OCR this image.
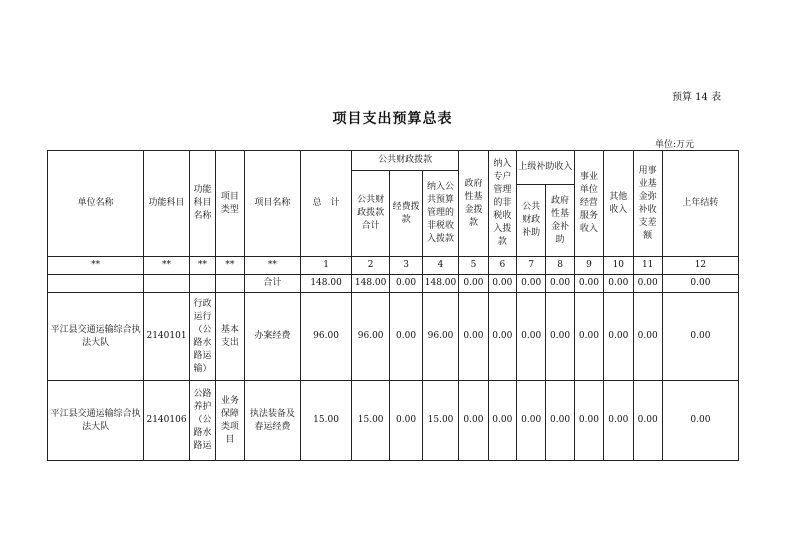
预算 14 表
项目支出预算总表
单位:万元
单位名称	功能科目	功能科目名称	项目类型	项目名称	总　计	公共财政拨款			政府性基金拨款	纳入专户管理的非税收入拨款	上级补助收入		事业单位经营服务收入	其他收入	用事业基金弥补收支差额	上年结转
						公共财政拨款合计	经费拨款	纳入公共预算管理的非税收入拨款								
											公共财政补助	政府性基金补助				
**	**	**	**	**	1	2	3	4	5	6	7	8	9	10	11	12
				合计	148.00	148.00	0.00	148.00	0.00	0.00	0.00	0.00	0.00	0.00	0.00	0.00
平江县交通运输综合执法大队	2140101	行政运行（公路水路运输）	基本支出	办案经费	96.00	96.00	0.00	96.00	0.00	0.00	0.00	0.00	0.00	0.00	0.00	0.00
平江县交通运输综合执法大队	2140106	公路养护（公路水路运	业务保障类项目	执法装备及春运经费	15.00	15.00	0.00	15.00	0.00	0.00	0.00	0.00	0.00	0.00	0.00	0.00
